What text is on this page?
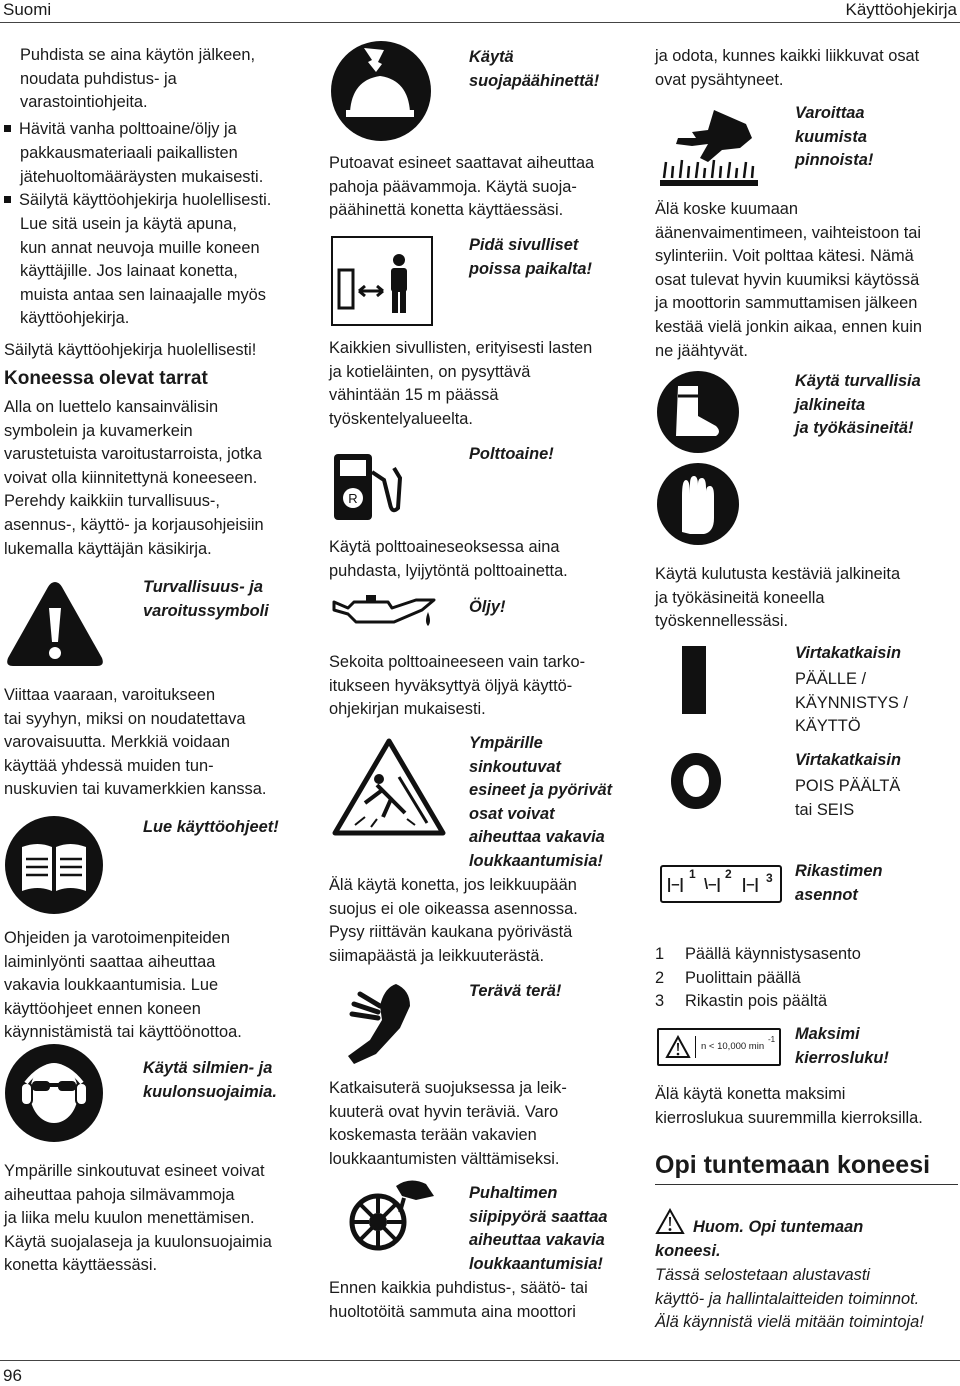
Suomi	Käyttöohjekirja
Puhdista se aina käytön jälkeen,
noudata puhdistus- ja
varastointiohjeita.
Hävitä vanha polttoaine/öljy ja
pakkausmateriaali paikallisten
jätehuoltomääräysten mukaisesti.
Säilytä käyttöohjekirja huolellisesti.
Lue sitä usein ja käytä apuna,
kun annat neuvoja muille koneen
käyttäjille. Jos lainaat konetta,
muista antaa sen lainaajalle myös
käyttöohjekirja.
Säilytä käyttöohjekirja huolellisesti!
Koneessa olevat tarrat
Alla on luettelo kansainvälisin
symbolein ja kuvamerkein
varustetuista varoitustarroista, jotka
voivat olla kiinnitettynä koneeseen.
Perehdy kaikkiin turvallisuus-,
asennus-, käyttö- ja korjausohjeisiin
lukemalla käyttäjän käsikirja.
Turvallisuus- ja
varoitussymboli
Viittaa vaaraan, varoitukseen
tai syyhyn, miksi on noudatettava
varovaisuutta. Merkkiä voidaan
käyttää yhdessä muiden tun-
nuskuvien tai kuvamerkkien kanssa.
Lue käyttöohjeet!
Ohjeiden ja varotoimenpiteiden
laiminlyönti saattaa aiheuttaa
vakavia loukkaantumisia. Lue
käyttöohjeet ennen koneen
käynnistämistä tai käyttöönottoa.
Käytä silmien- ja
kuulonsuojaimia.
Ympärille sinkoutuvat esineet voivat
aiheuttaa pahoja silmävammoja
ja liika melu kuulon menettämisen.
Käytä suojalaseja ja kuulonsuojaimia
konetta käyttäessäsi.
Käytä
suojapäähinettä!
Putoavat esineet saattavat aiheuttaa
pahoja päävammoja. Käytä suoja-
päähinettä konetta käyttäessäsi.
Pidä sivulliset
poissa paikalta!
Kaikkien sivullisten, erityisesti lasten
ja kotieläinten, on pysyttävä
vähintään 15 m päässä
työskentelyalueelta.
R
Polttoaine!
Käytä polttoaineseoksessa aina
puhdasta, lyijytöntä polttoainetta.
Öljy!
Sekoita polttoaineeseen vain tarko-
itukseen hyväksyttyä öljyä käyttö-
ohjekirjan mukaisesti.
Ympärille
sinkoutuvat
esineet ja pyörivät
osat voivat
aiheuttaa vakavia
loukkaantumisia!
Älä käytä konetta, jos leikkuupään
suojus ei ole oikeassa asennossa.
Pysy riittävän kaukana pyörivästä
siimapäästä ja leikkuuterästä.
Terävä terä!
Katkaisuterä suojuksessa ja leik-
kuuterä ovat hyvin teräviä. Varo
koskemasta terään vakavien
loukkaantumisten välttämiseksi.
Puhaltimen
siipipyörä saattaa
aiheuttaa vakavia
loukkaantumisia!
Ennen kaikkia puhdistus-, säätö- tai
huoltotöitä sammuta aina moottori
ja odota, kunnes kaikki liikkuvat osat
ovat pysähtyneet.
Varoittaa
kuumista
pinnoista!
Älä koske kuumaan
äänenvaimentimeen, vaihteistoon tai
sylinteriin. Voit polttaa kätesi. Nämä
osat tulevat hyvin kuumiksi käytössä
ja moottorin sammuttamisen jälkeen
kestää vielä jonkin aikaa, ennen kuin
ne jäähtyvät.
Käytä turvallisia
jalkineita
ja työkäsineitä!
Käytä kulutusta kestäviä jalkineita
ja työkäsineitä koneella
työskennellessäsi.
Virtakatkaisin
PÄÄLLE /
KÄYNNISTYS /
KÄYTTÖ
Virtakatkaisin
POIS PÄÄLTÄ
tai SEIS
|–|
1
\–|
2
|–| 3 Rikastimen
asennot
1 Päällä käynnistysasento
2 Puolittain päällä
3 Rikastin pois päältä
n < 10,000 min
-1 Maksimi
kierrosluku!
Älä käytä konetta maksimi
kierroslukua suuremmilla kierroksilla.
Opi tuntemaan koneesi
Huom. Opi tuntemaan
koneesi.
Tässä selostetaan alustavasti
käyttö- ja hallintalaitteiden toiminnot.
Älä käynnistä vielä mitään toimintoja!
96
